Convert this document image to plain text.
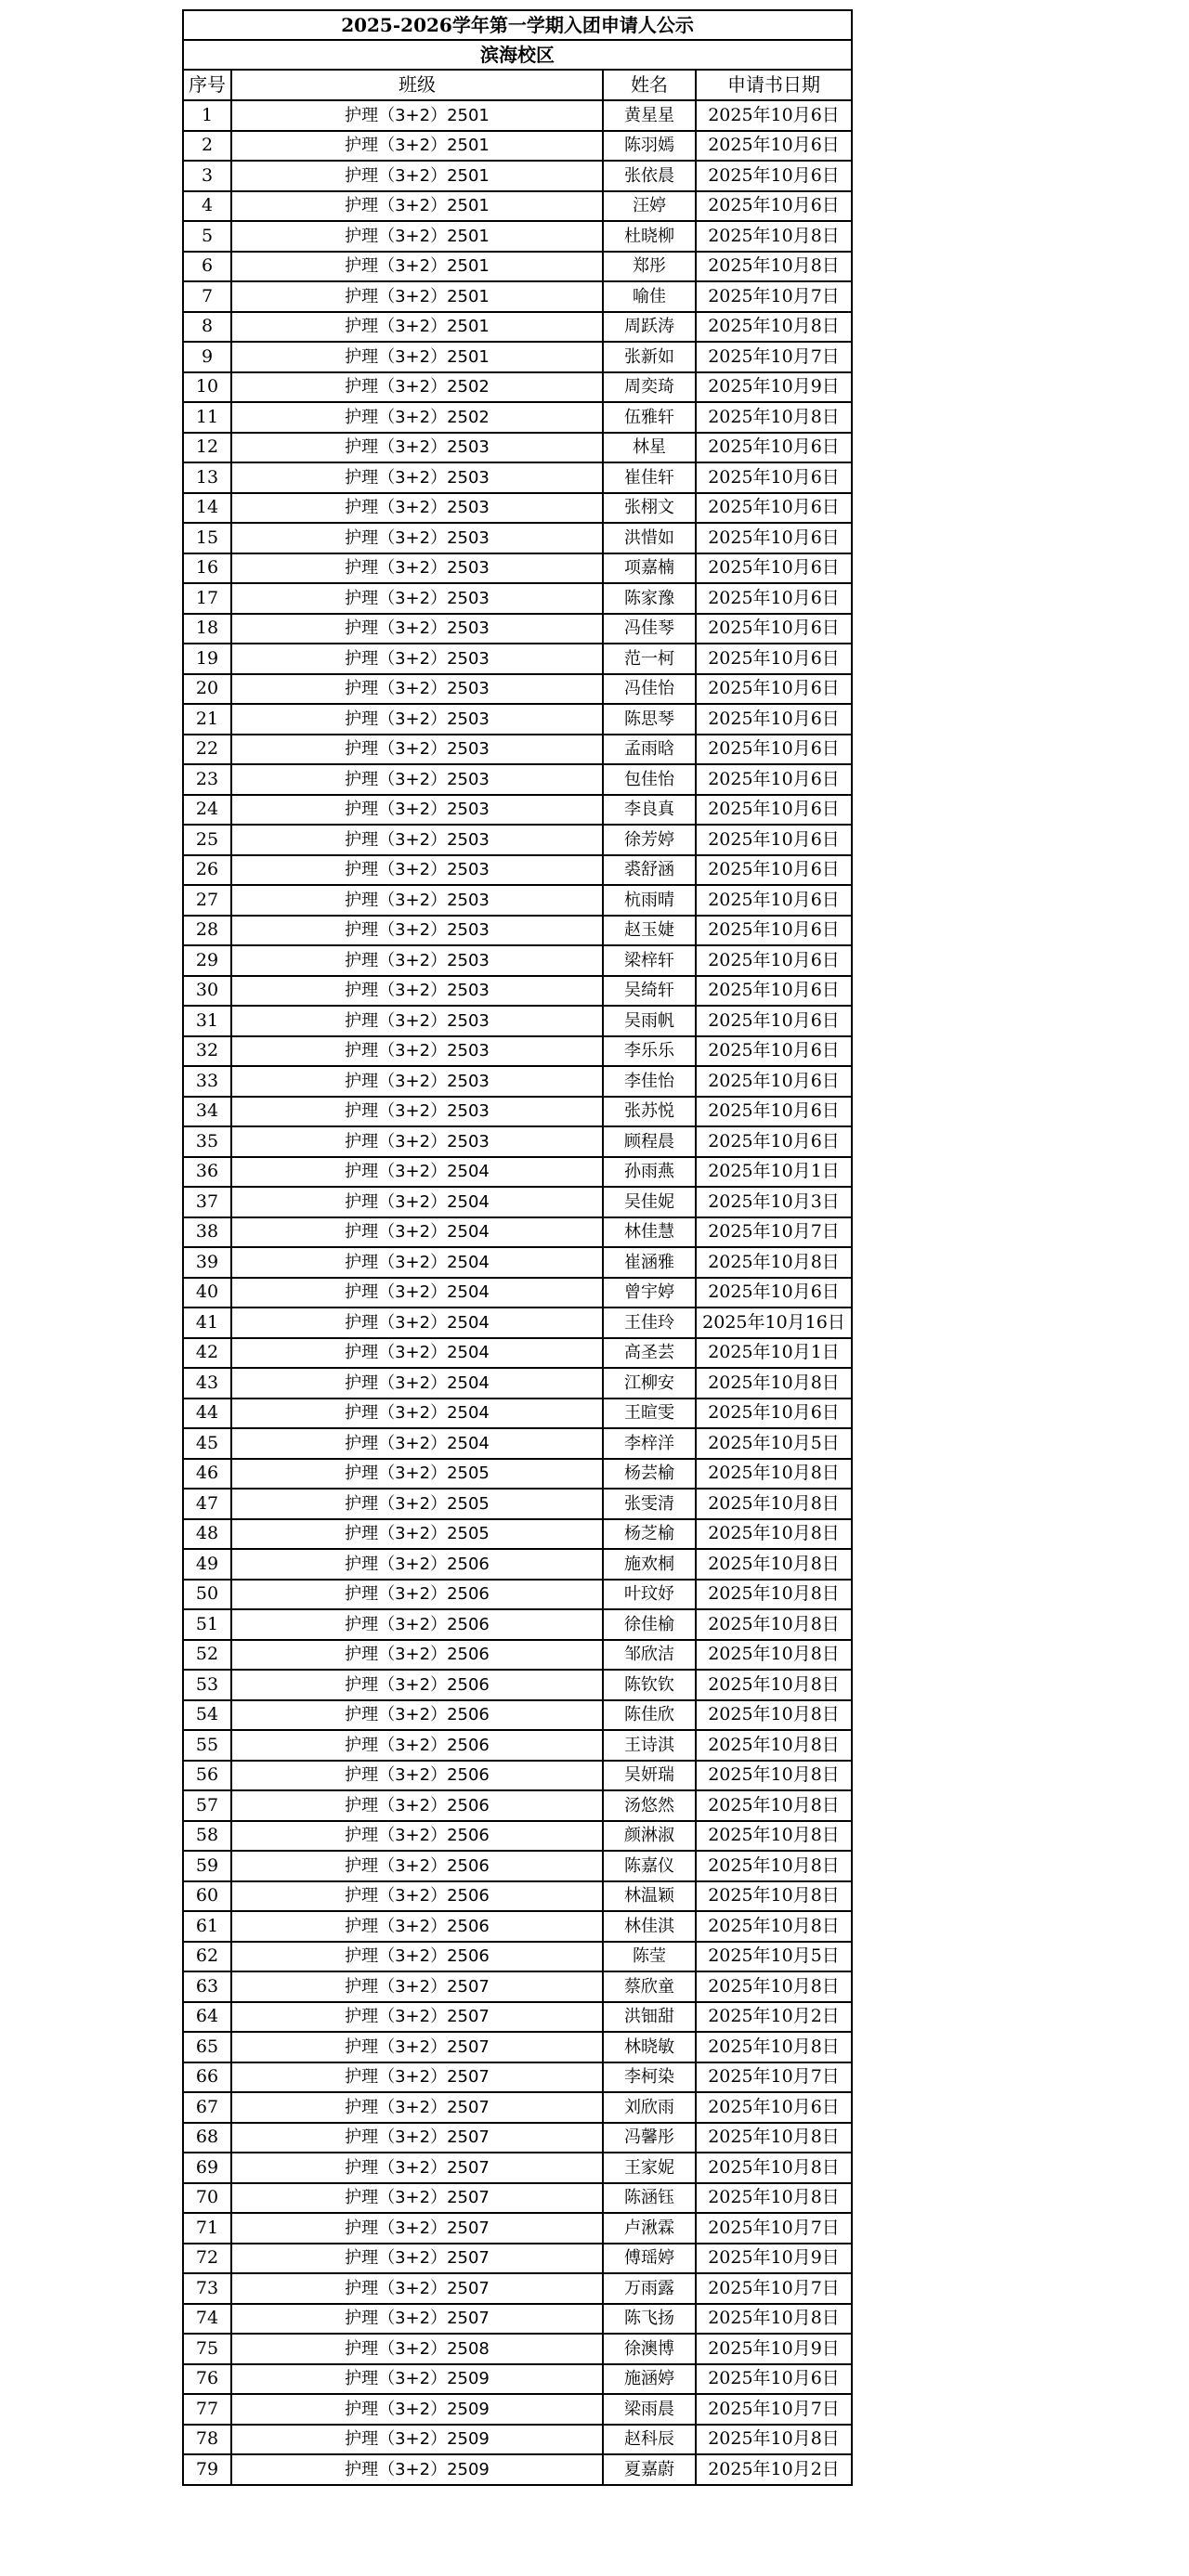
2025-2026学年第一学期入团申请人公示			
滨海校区			
序号	班级	姓名	申请书日期
1	护理（3+2）2501	黄星星	2025年10月6日
2	护理（3+2）2501	陈羽嫣	2025年10月6日
3	护理（3+2）2501	张依晨	2025年10月6日
4	护理（3+2）2501	汪婷	2025年10月6日
5	护理（3+2）2501	杜晓柳	2025年10月8日
6	护理（3+2）2501	郑彤	2025年10月8日
7	护理（3+2）2501	喻佳	2025年10月7日
8	护理（3+2）2501	周跃涛	2025年10月8日
9	护理（3+2）2501	张新如	2025年10月7日
10	护理（3+2）2502	周奕琦	2025年10月9日
11	护理（3+2）2502	伍雅轩	2025年10月8日
12	护理（3+2）2503	林星	2025年10月6日
13	护理（3+2）2503	崔佳轩	2025年10月6日
14	护理（3+2）2503	张栩文	2025年10月6日
15	护理（3+2）2503	洪惜如	2025年10月6日
16	护理（3+2）2503	项嘉楠	2025年10月6日
17	护理（3+2）2503	陈家豫	2025年10月6日
18	护理（3+2）2503	冯佳琴	2025年10月6日
19	护理（3+2）2503	范一柯	2025年10月6日
20	护理（3+2）2503	冯佳怡	2025年10月6日
21	护理（3+2）2503	陈思琴	2025年10月6日
22	护理（3+2）2503	孟雨晗	2025年10月6日
23	护理（3+2）2503	包佳怡	2025年10月6日
24	护理（3+2）2503	李良真	2025年10月6日
25	护理（3+2）2503	徐芳婷	2025年10月6日
26	护理（3+2）2503	裘舒涵	2025年10月6日
27	护理（3+2）2503	杭雨晴	2025年10月6日
28	护理（3+2）2503	赵玉婕	2025年10月6日
29	护理（3+2）2503	梁梓轩	2025年10月6日
30	护理（3+2）2503	吴绮轩	2025年10月6日
31	护理（3+2）2503	吴雨帆	2025年10月6日
32	护理（3+2）2503	李乐乐	2025年10月6日
33	护理（3+2）2503	李佳怡	2025年10月6日
34	护理（3+2）2503	张苏悦	2025年10月6日
35	护理（3+2）2503	顾程晨	2025年10月6日
36	护理（3+2）2504	孙雨燕	2025年10月1日
37	护理（3+2）2504	吴佳妮	2025年10月3日
38	护理（3+2）2504	林佳慧	2025年10月7日
39	护理（3+2）2504	崔涵雅	2025年10月8日
40	护理（3+2）2504	曾宇婷	2025年10月6日
41	护理（3+2）2504	王佳玲	2025年10月16日
42	护理（3+2）2504	高圣芸	2025年10月1日
43	护理（3+2）2504	江柳安	2025年10月8日
44	护理（3+2）2504	王暄雯	2025年10月6日
45	护理（3+2）2504	李梓洋	2025年10月5日
46	护理（3+2）2505	杨芸榆	2025年10月8日
47	护理（3+2）2505	张雯清	2025年10月8日
48	护理（3+2）2505	杨芝榆	2025年10月8日
49	护理（3+2）2506	施欢桐	2025年10月8日
50	护理（3+2）2506	叶玟妤	2025年10月8日
51	护理（3+2）2506	徐佳榆	2025年10月8日
52	护理（3+2）2506	邹欣洁	2025年10月8日
53	护理（3+2）2506	陈钦钦	2025年10月8日
54	护理（3+2）2506	陈佳欣	2025年10月8日
55	护理（3+2）2506	王诗淇	2025年10月8日
56	护理（3+2）2506	吴妍瑞	2025年10月8日
57	护理（3+2）2506	汤悠然	2025年10月8日
58	护理（3+2）2506	颜淋淑	2025年10月8日
59	护理（3+2）2506	陈嘉仪	2025年10月8日
60	护理（3+2）2506	林温颖	2025年10月8日
61	护理（3+2）2506	林佳淇	2025年10月8日
62	护理（3+2）2506	陈莹	2025年10月5日
63	护理（3+2）2507	蔡欣童	2025年10月8日
64	护理（3+2）2507	洪钿甜	2025年10月2日
65	护理（3+2）2507	林晓敏	2025年10月8日
66	护理（3+2）2507	李柯染	2025年10月7日
67	护理（3+2）2507	刘欣雨	2025年10月6日
68	护理（3+2）2507	冯馨彤	2025年10月8日
69	护理（3+2）2507	王家妮	2025年10月8日
70	护理（3+2）2507	陈涵钰	2025年10月8日
71	护理（3+2）2507	卢湫霖	2025年10月7日
72	护理（3+2）2507	傅瑶婷	2025年10月9日
73	护理（3+2）2507	万雨露	2025年10月7日
74	护理（3+2）2507	陈飞扬	2025年10月8日
75	护理（3+2）2508	徐澳博	2025年10月9日
76	护理（3+2）2509	施涵婷	2025年10月6日
77	护理（3+2）2509	梁雨晨	2025年10月7日
78	护理（3+2）2509	赵科辰	2025年10月8日
79	护理（3+2）2509	夏嘉蔚	2025年10月2日
